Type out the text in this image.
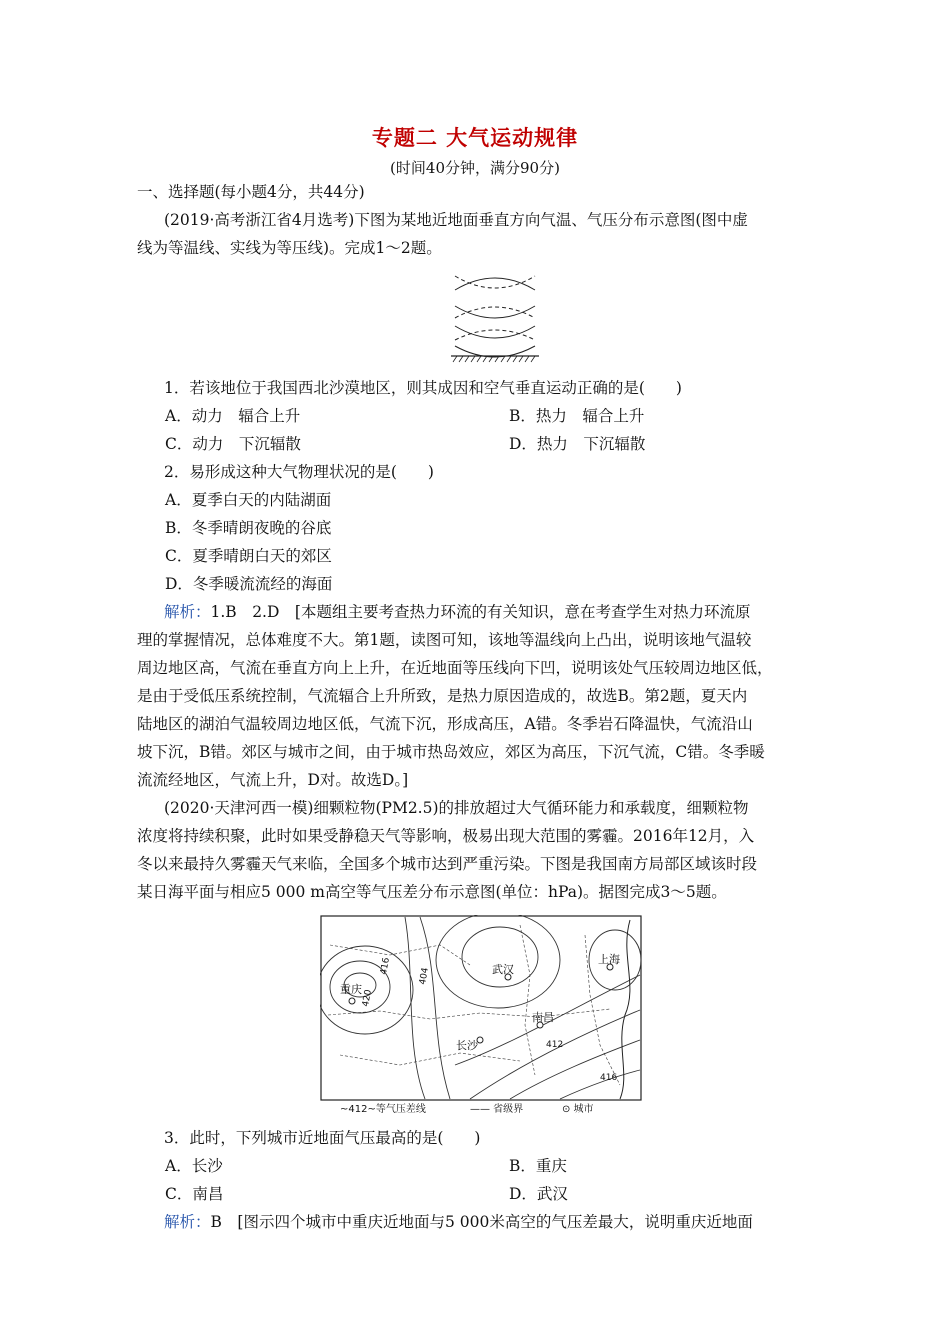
专题二 大气运动规律
(时间40分钟，满分90分)
一、选择题(每小题4分，共44分)
(2019·高考浙江省4月选考)下图为某地近地面垂直方向气温、气压分布示意图(图中虚
线为等温线、实线为等压线)。完成1～2题。
1．若该地位于我国西北沙漠地区，则其成因和空气垂直运动正确的是(　　)
A．动力　辐合上升	B．热力　辐合上升
C．动力　下沉辐散	D．热力　下沉辐散
2．易形成这种大气物理状况的是(　　)
A．夏季白天的内陆湖面
B．冬季晴朗夜晚的谷底
C．夏季晴朗白天的郊区
D．冬季暖流流经的海面
解析：1.B　2.D　[本题组主要考查热力环流的有关知识，意在考查学生对热力环流原
理的掌握情况，总体难度不大。第1题，读图可知，该地等温线向上凸出，说明该地气温较
周边地区高，气流在垂直方向上上升，在近地面等压线向下凹，说明该处气压较周边地区低，
是由于受低压系统控制，气流辐合上升所致，是热力原因造成的，故选B。第2题，夏天内
陆地区的湖泊气温较周边地区低，气流下沉，形成高压，A错。冬季岩石降温快，气流沿山
坡下沉，B错。郊区与城市之间，由于城市热岛效应，郊区为高压，下沉气流，C错。冬季暖
流流经地区，气流上升，D对。故选D。]
(2020·天津河西一模)细颗粒物(PM2.5)的排放超过大气循环能力和承载度，细颗粒物
浓度将持续积聚，此时如果受静稳天气等影响，极易出现大范围的雾霾。2016年12月，入
冬以来最持久雾霾天气来临，全国多个城市达到严重污染。下图是我国南方局部区域该时段
某日海平面与相应5 000 m高空等气压差分布示意图(单位：hPa)。据图完成3～5题。
重庆
武汉
长沙
南昌
上海
404
412
416
416
420
~412~等气压差线	—— 省级界	⊙ 城市
3．此时，下列城市近地面气压最高的是(　　)
A．长沙	B．重庆
C．南昌	D．武汉
解析：B　[图示四个城市中重庆近地面与5 000米高空的气压差最大，说明重庆近地面
